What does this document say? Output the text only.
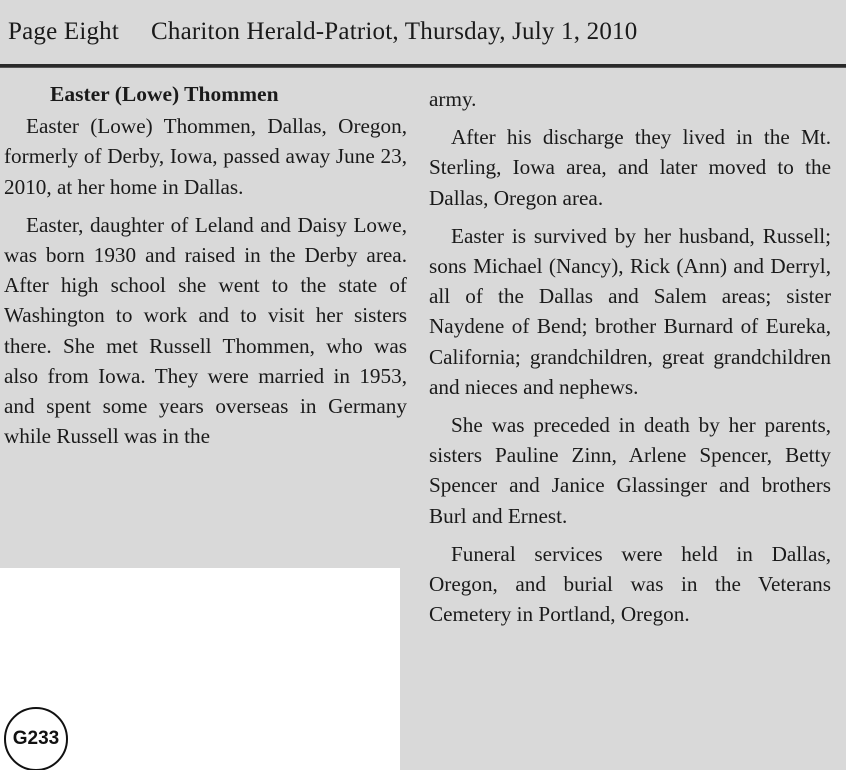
Page Eight Chariton Herald-Patriot, Thursday, July 1, 2010

Easter (Lowe) Thommen

Easter (Lowe) Thommen, Dallas, Oregon, formerly of Derby, Iowa, passed away June 23, 2010, at her home in Dallas.

Easter, daughter of Leland and Daisy Lowe, was born 1930 and raised in the Derby area. After high school she went to the state of Washington to work and to visit her sisters there. She met Russell Thommen, who was also from Iowa. They were married in 1953, and spent some years overseas in Germany while Russell was in the

army.

After his discharge they lived in the Mt. Sterling, Iowa area, and later moved to the Dallas, Oregon area.

Easter is survived by her husband, Russell; sons Michael (Nancy), Rick (Ann) and Derryl, all of the Dallas and Salem areas; sister Naydene of Bend; brother Burnard of Eureka, California; grandchildren, great grandchildren and nieces and nephews.

She was preceded in death by her parents, sisters Pauline Zinn, Arlene Spencer, Betty Spencer and Janice Glassinger and brothers Burl and Ernest.

Funeral services were held in Dallas, Oregon, and burial was in the Veterans Cemetery in Portland, Oregon.

G233
